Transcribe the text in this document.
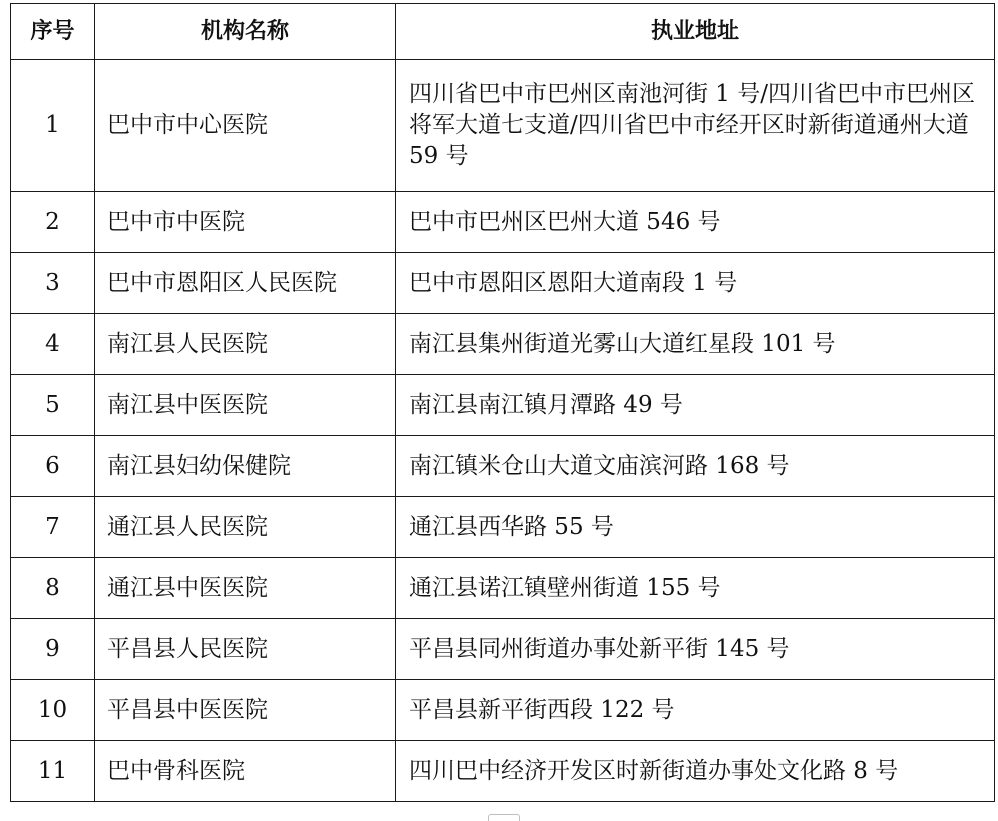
序号	机构名称	执业地址
1	巴中市中心医院	四川省巴中市巴州区南池河街 1 号/四川省巴中市巴州区将军大道七支道/四川省巴中市经开区时新街道通州大道 59 号
2	巴中市中医院	巴中市巴州区巴州大道 546 号
3	巴中市恩阳区人民医院	巴中市恩阳区恩阳大道南段 1 号
4	南江县人民医院	南江县集州街道光雾山大道红星段 101 号
5	南江县中医医院	南江县南江镇月潭路 49 号
6	南江县妇幼保健院	南江镇米仓山大道文庙滨河路 168 号
7	通江县人民医院	通江县西华路 55 号
8	通江县中医医院	通江县诺江镇壁州街道 155 号
9	平昌县人民医院	平昌县同州街道办事处新平街 145 号
10	平昌县中医医院	平昌县新平街西段 122 号
11	巴中骨科医院	四川巴中经济开发区时新街道办事处文化路 8 号
